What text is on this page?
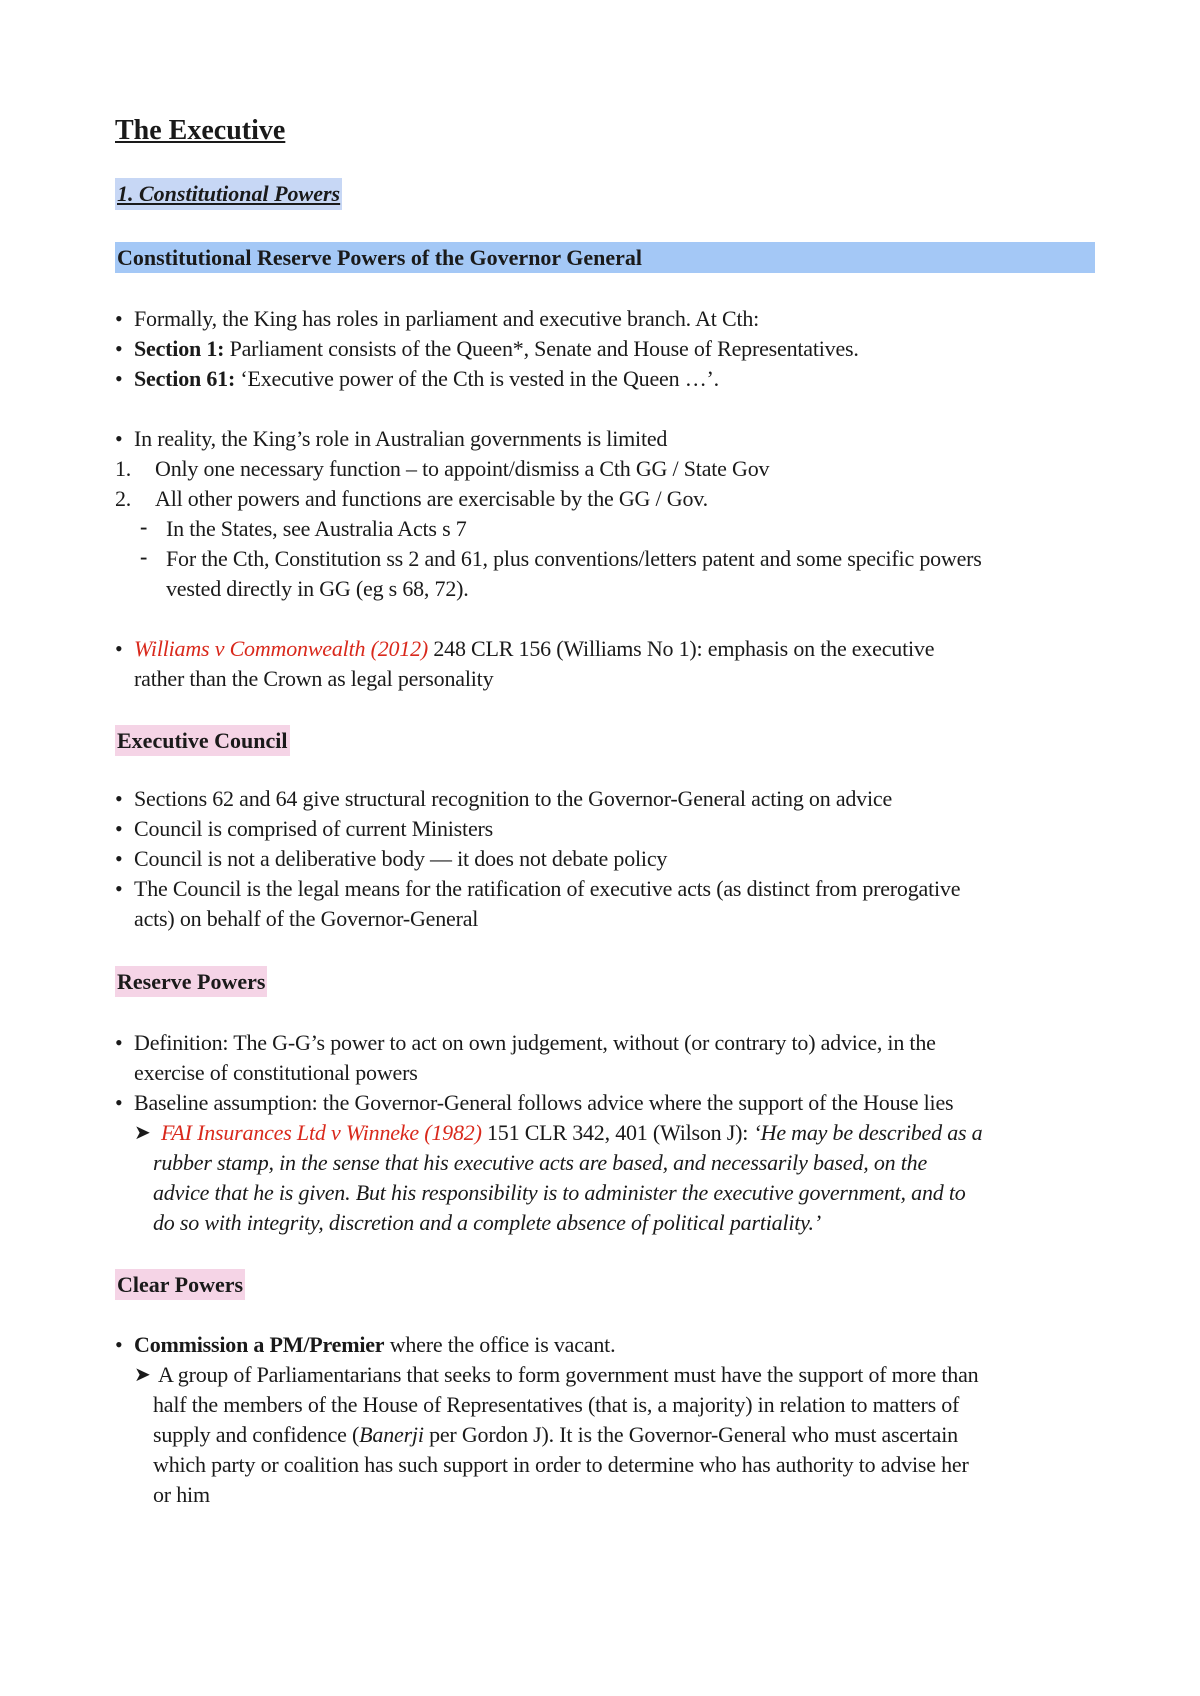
The Executive
1. Constitutional Powers
Constitutional Reserve Powers of the Governor General
• Formally, the King has roles in parliament and executive branch. At Cth:
• Section 1: Parliament consists of the Queen*, Senate and House of Representatives.
• Section 61: ‘Executive power of the Cth is vested in the Queen …’.
• In reality, the King’s role in Australian governments is limited
1. Only one necessary function – to appoint/dismiss a Cth GG / State Gov
2. All other powers and functions are exercisable by the GG / Gov.
- In the States, see Australia Acts s 7
- For the Cth, Constitution ss 2 and 61, plus conventions/letters patent and some specific powers
vested directly in GG (eg s 68, 72).
• Williams v Commonwealth (2012) 248 CLR 156 (Williams No 1): emphasis on the executive
rather than the Crown as legal personality
Executive Council
• Sections 62 and 64 give structural recognition to the Governor-General acting on advice
• Council is comprised of current Ministers
• Council is not a deliberative body — it does not debate policy
• The Council is the legal means for the ratification of executive acts (as distinct from prerogative
acts) on behalf of the Governor-General
Reserve Powers
• Definition: The G-G’s power to act on own judgement, without (or contrary to) advice, in the
exercise of constitutional powers
• Baseline assumption: the Governor-General follows advice where the support of the House lies
➤ FAI Insurances Ltd v Winneke (1982) 151 CLR 342, 401 (Wilson J): ‘He may be described as a
rubber stamp, in the sense that his executive acts are based, and necessarily based, on the
advice that he is given. But his responsibility is to administer the executive government, and to
do so with integrity, discretion and a complete absence of political partiality.’
Clear Powers
• Commission a PM/Premier where the office is vacant.
➤ A group of Parliamentarians that seeks to form government must have the support of more than
half the members of the House of Representatives (that is, a majority) in relation to matters of
supply and confidence (Banerji per Gordon J). It is the Governor-General who must ascertain
which party or coalition has such support in order to determine who has authority to advise her
or him
